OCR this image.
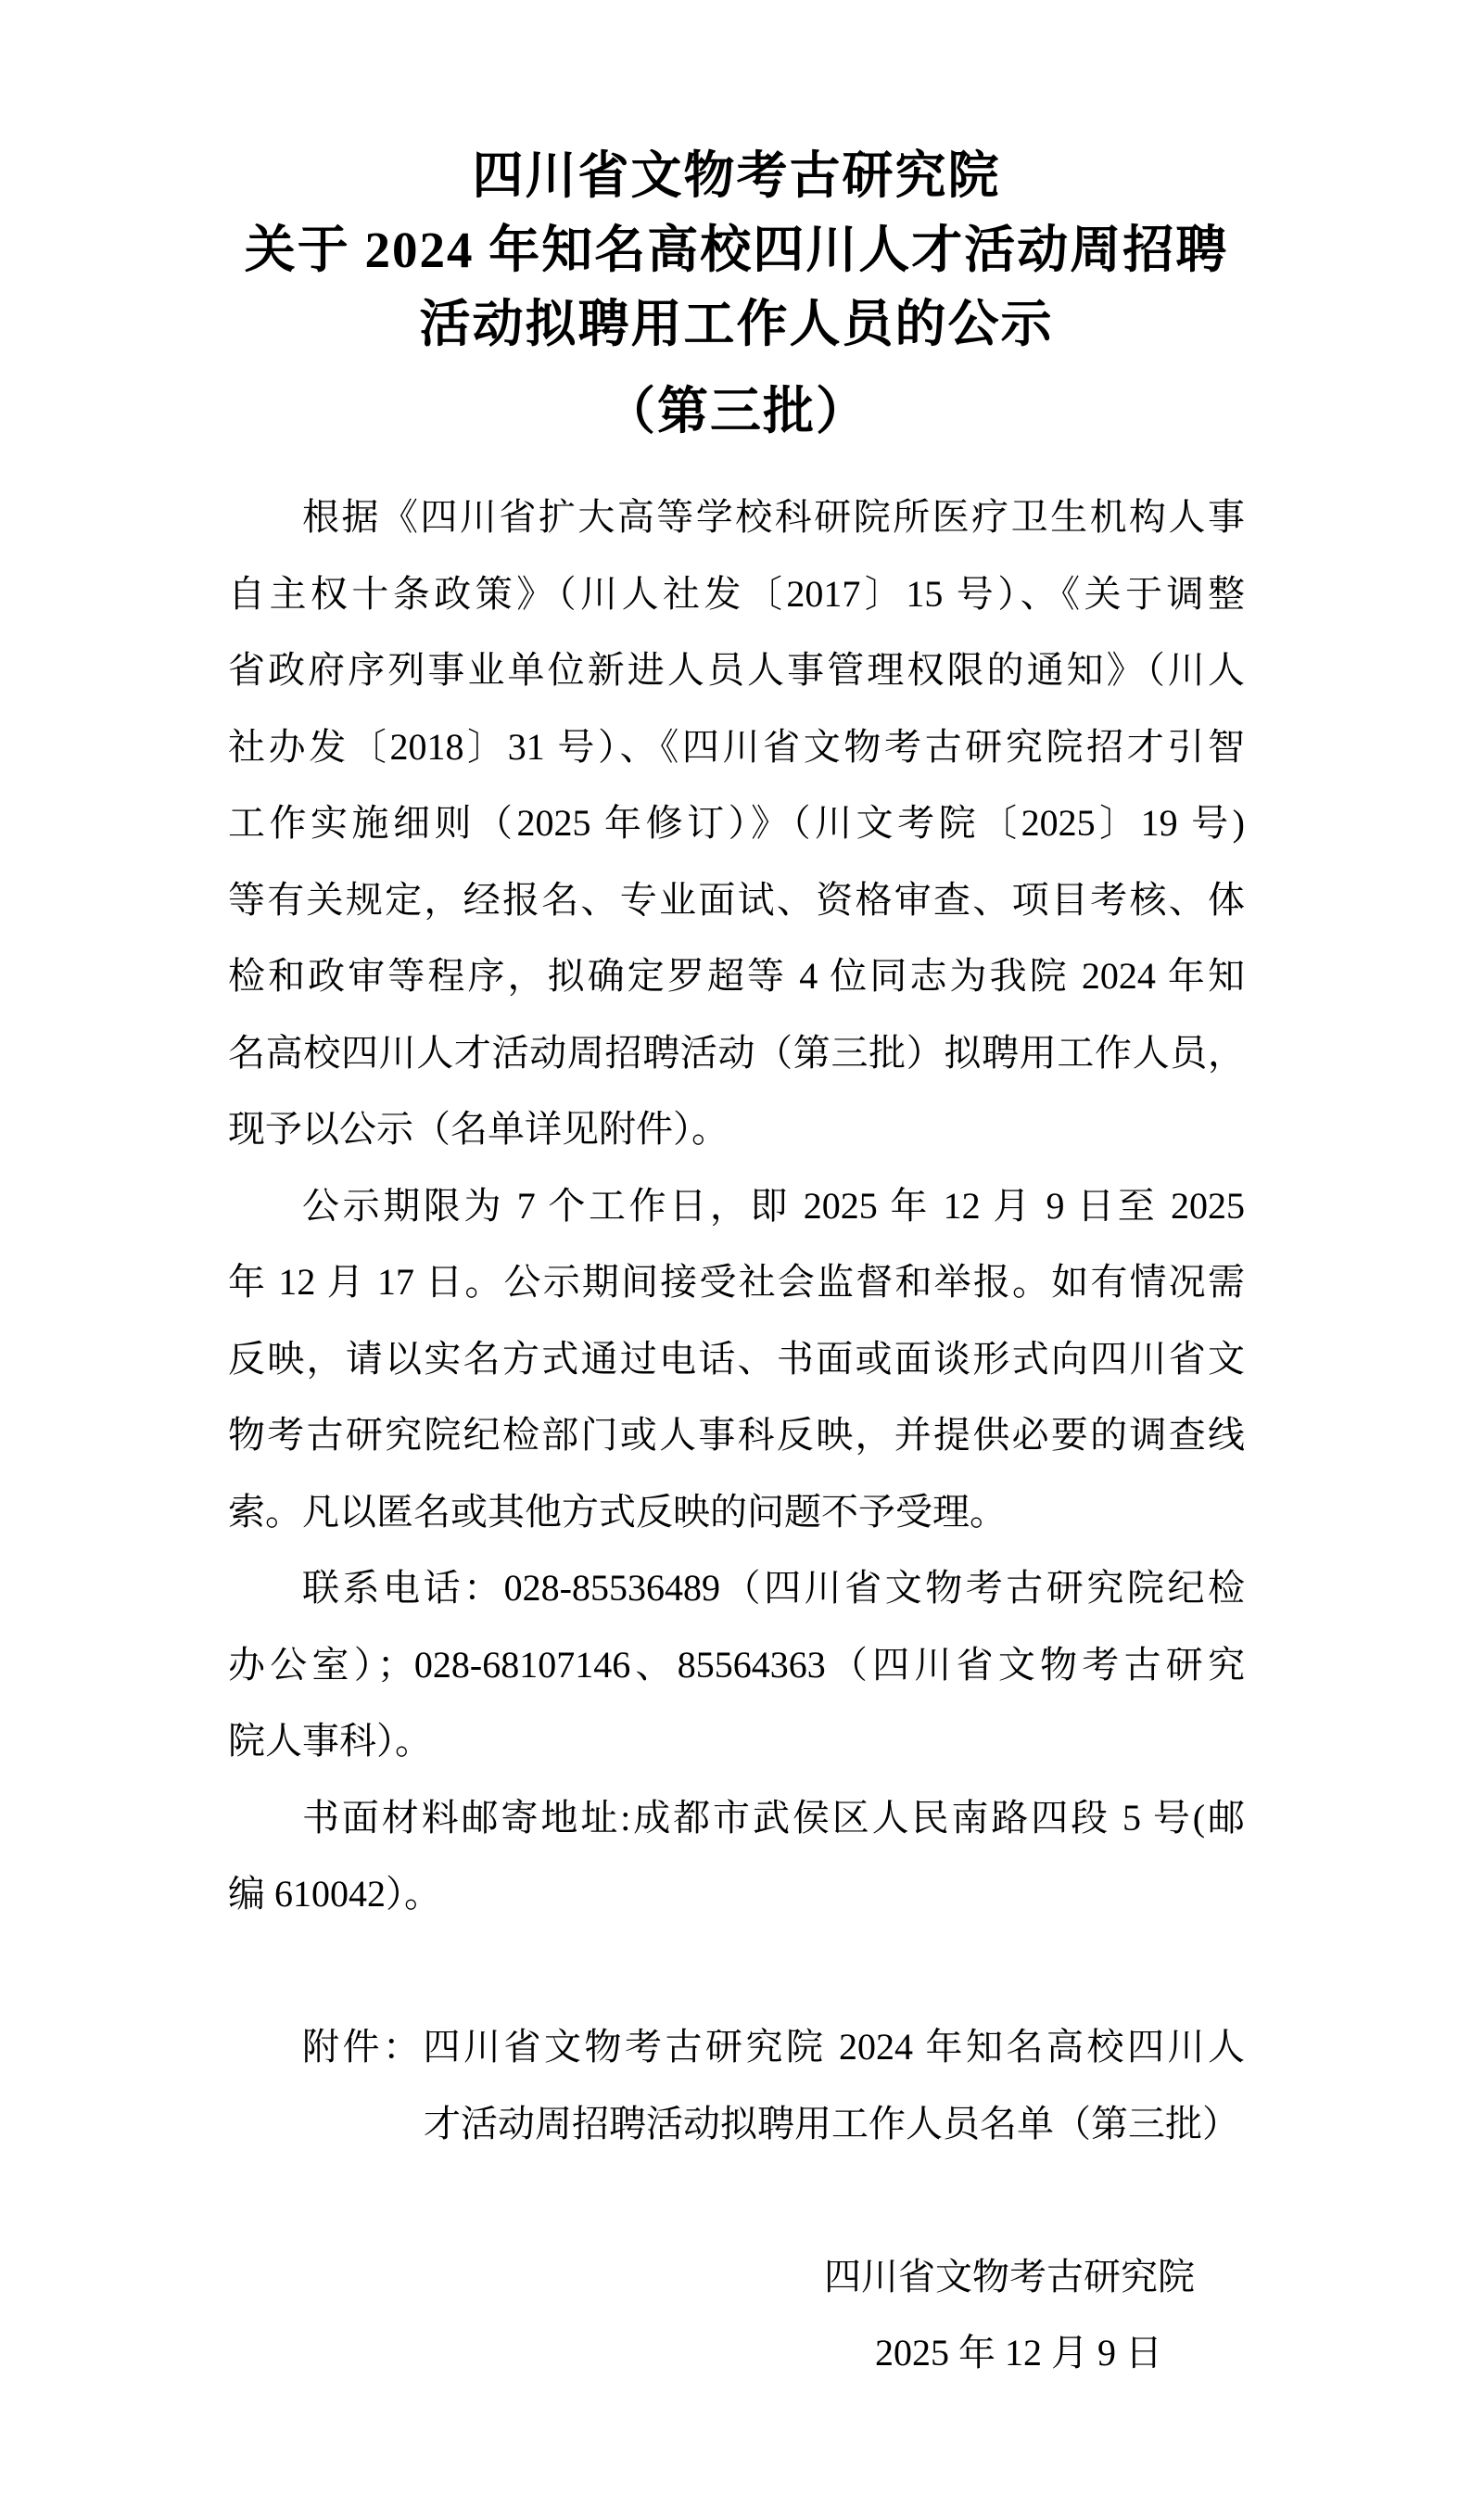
四川省文物考古研究院
关于 2024 年知名高校四川人才活动周招聘
活动拟聘用工作人员的公示
（第三批）
根据《四川省扩大高等学校科研院所医疗卫生机构人事
自主权十条政策》（川人社发〔2017〕15 号）、《关于调整
省政府序列事业单位新进人员人事管理权限的通知》（川人
社办发〔2018〕31 号）、《四川省文物考古研究院招才引智
工作实施细则（2025 年修订）》（川文考院〔2025〕19 号)
等有关规定，经报名、专业面试、资格审查、项目考核、体
检和政审等程序，拟确定罗超等 4 位同志为我院 2024 年知
名高校四川人才活动周招聘活动（第三批）拟聘用工作人员，
现予以公示（名单详见附件）。
公示期限为 7 个工作日，即 2025 年 12 月 9 日至 2025
年 12 月 17 日。公示期间接受社会监督和举报。如有情况需
反映，请以实名方式通过电话、书面或面谈形式向四川省文
物考古研究院纪检部门或人事科反映，并提供必要的调查线
索。凡以匿名或其他方式反映的问题不予受理。
联系电话：028-85536489（四川省文物考古研究院纪检
办公室）；028-68107146、85564363（四川省文物考古研究
院人事科）。
书面材料邮寄地址:成都市武侯区人民南路四段 5 号(邮
编 610042）。
附件：四川省文物考古研究院 2024 年知名高校四川人
才活动周招聘活动拟聘用工作人员名单（第三批）
四川省文物考古研究院
2025 年 12 月 9 日
